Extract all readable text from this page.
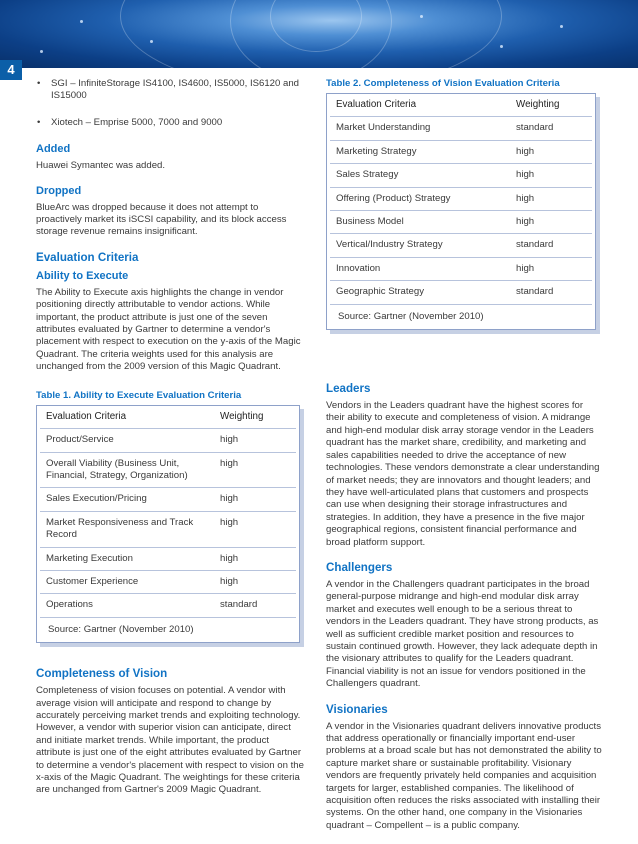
4
• SGI – InfiniteStorage IS4100, IS4600, IS5000, IS6120 and IS15000
• Xiotech – Emprise 5000, 7000 and 9000
Added

Huawei Symantec was added.

Dropped

BlueArc was dropped because it does not attempt to proactively market its iSCSI capability, and its block access storage revenue remains insignificant.

Evaluation Criteria
Ability to Execute

The Ability to Execute axis highlights the change in vendor positioning directly attributable to vendor actions. While important, the product attribute is just one of the seven attributes evaluated by Gartner to determine a vendor's placement with respect to execution on the y-axis of the Magic Quadrant. The criteria weights used for this analysis are unchanged from the 2009 version of this Magic Quadrant.

Table 1. Ability to Execute Evaluation Criteria
Evaluation Criteria	Weighting
Product/Service	high
Overall Viability (Business Unit, Financial, Strategy, Organization)
high
Sales Execution/Pricing	high
Market Responsiveness and Track Record
high
Marketing Execution	high
Customer Experience	high
Operations	standard
Source: Gartner (November 2010)
Completeness of Vision

Completeness of vision focuses on potential. A vendor with average vision will anticipate and respond to change by accurately perceiving market trends and exploiting technology. However, a vendor with superior vision can anticipate, direct and initiate market trends. While important, the product attribute is just one of the eight attributes evaluated by Gartner to determine a vendor's placement with respect to vision on the x-axis of the Magic Quadrant. The weightings for these criteria are unchanged from Gartner's 2009 Magic Quadrant.

Table 2. Completeness of Vision Evaluation Criteria
Evaluation Criteria	Weighting
Market Understanding	standard
Marketing Strategy	high
Sales Strategy	high
Offering (Product) Strategy	high
Business Model	high
Vertical/Industry Strategy	standard
Innovation	high
Geographic Strategy	standard
Source: Gartner (November 2010)
Leaders

Vendors in the Leaders quadrant have the highest scores for their ability to execute and completeness of vision. A midrange and high-end modular disk array storage vendor in the Leaders quadrant has the market share, credibility, and marketing and sales capabilities needed to drive the acceptance of new technologies. These vendors demonstrate a clear understanding of market needs; they are innovators and thought leaders; and they have well-articulated plans that customers and prospects can use when designing their storage infrastructures and strategies. In addition, they have a presence in the five major geographical regions, consistent financial performance and broad platform support.

Challengers

A vendor in the Challengers quadrant participates in the broad general-purpose midrange and high-end modular disk array market and executes well enough to be a serious threat to vendors in the Leaders quadrant. They have strong products, as well as sufficient credible market position and resources to sustain continued growth. However, they lack adequate depth in the visionary attributes to qualify for the Leaders quadrant. Financial viability is not an issue for vendors positioned in the Challengers quadrant.

Visionaries

A vendor in the Visionaries quadrant delivers innovative products that address operationally or financially important end-user problems at a broad scale but has not demonstrated the ability to capture market share or sustainable profitability. Visionary vendors are frequently privately held companies and acquisition targets for larger, established companies. The likelihood of acquisition often reduces the risks associated with installing their systems. On the other hand, one company in the Visionaries quadrant – Compellent – is a public company.
